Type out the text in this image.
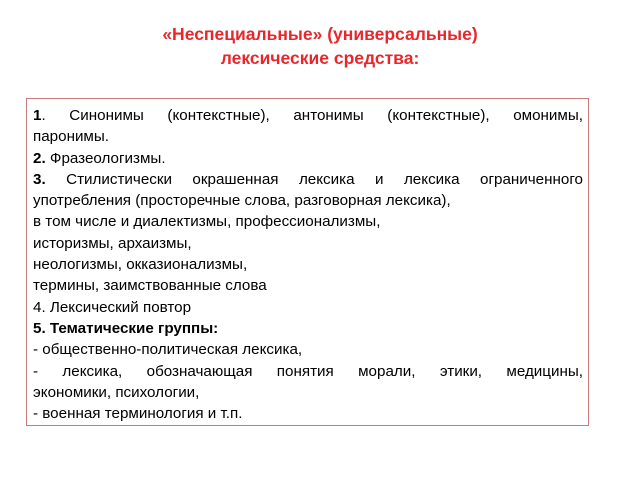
«Неспециальные» (универсальные)
лексические средства:
1. Синонимы (контекстные), антонимы (контекстные), омонимы,
паронимы.
2. Фразеологизмы.
3. Стилистически окрашенная лексика и лексика ограниченного
употребления (просторечные слова, разговорная лексика),
в том числе и диалектизмы, профессионализмы,
историзмы, архаизмы,
неологизмы, окказионализмы,
термины, заимствованные слова
4. Лексический повтор
5. Тематические группы:
- общественно-политическая лексика,
- лексика, обозначающая понятия морали, этики, медицины,
экономики, психологии,
- военная терминология и т.п.
